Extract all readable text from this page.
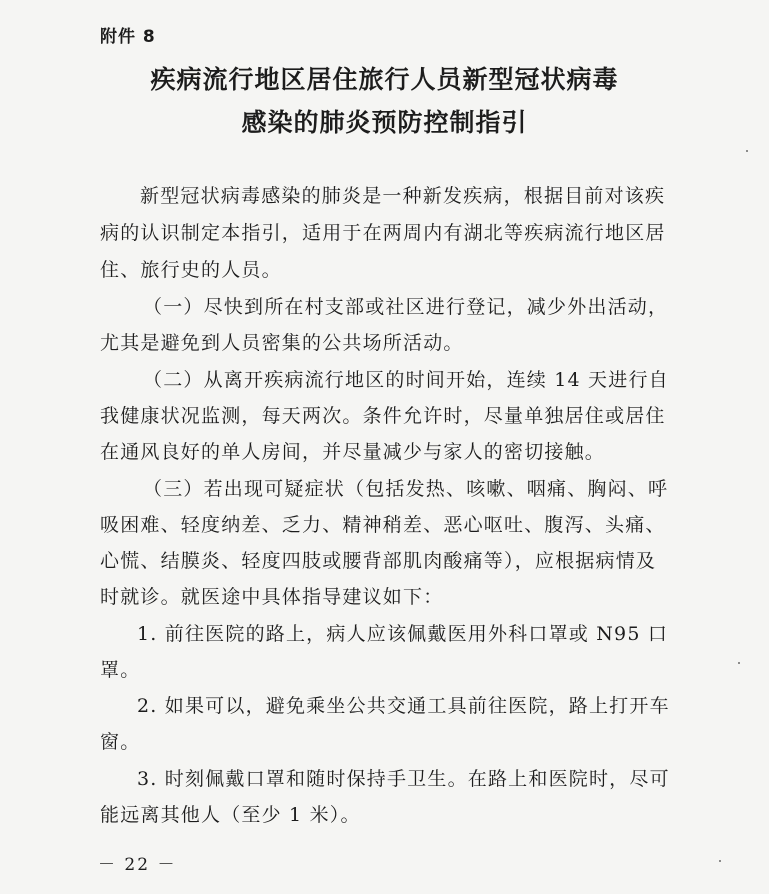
附件 8
疾病流行地区居住旅行人员新型冠状病毒
感染的肺炎预防控制指引
新型冠状病毒感染的肺炎是一种新发疾病，根据目前对该疾
病的认识制定本指引，适用于在两周内有湖北等疾病流行地区居
住、旅行史的人员。
（一）尽快到所在村支部或社区进行登记，减少外出活动，
尤其是避免到人员密集的公共场所活动。
（二）从离开疾病流行地区的时间开始，连续 14 天进行自
我健康状况监测，每天两次。条件允许时，尽量单独居住或居住
在通风良好的单人房间，并尽量减少与家人的密切接触。
（三）若出现可疑症状（包括发热、咳嗽、咽痛、胸闷、呼
吸困难、轻度纳差、乏力、精神稍差、恶心呕吐、腹泻、头痛、
心慌、结膜炎、轻度四肢或腰背部肌肉酸痛等），应根据病情及
时就诊。就医途中具体指导建议如下：
1. 前往医院的路上，病人应该佩戴医用外科口罩或 N95 口
罩。
2. 如果可以，避免乘坐公共交通工具前往医院，路上打开车
窗。
3. 时刻佩戴口罩和随时保持手卫生。在路上和医院时，尽可
能远离其他人（至少 1 米）。
－ 22 －
